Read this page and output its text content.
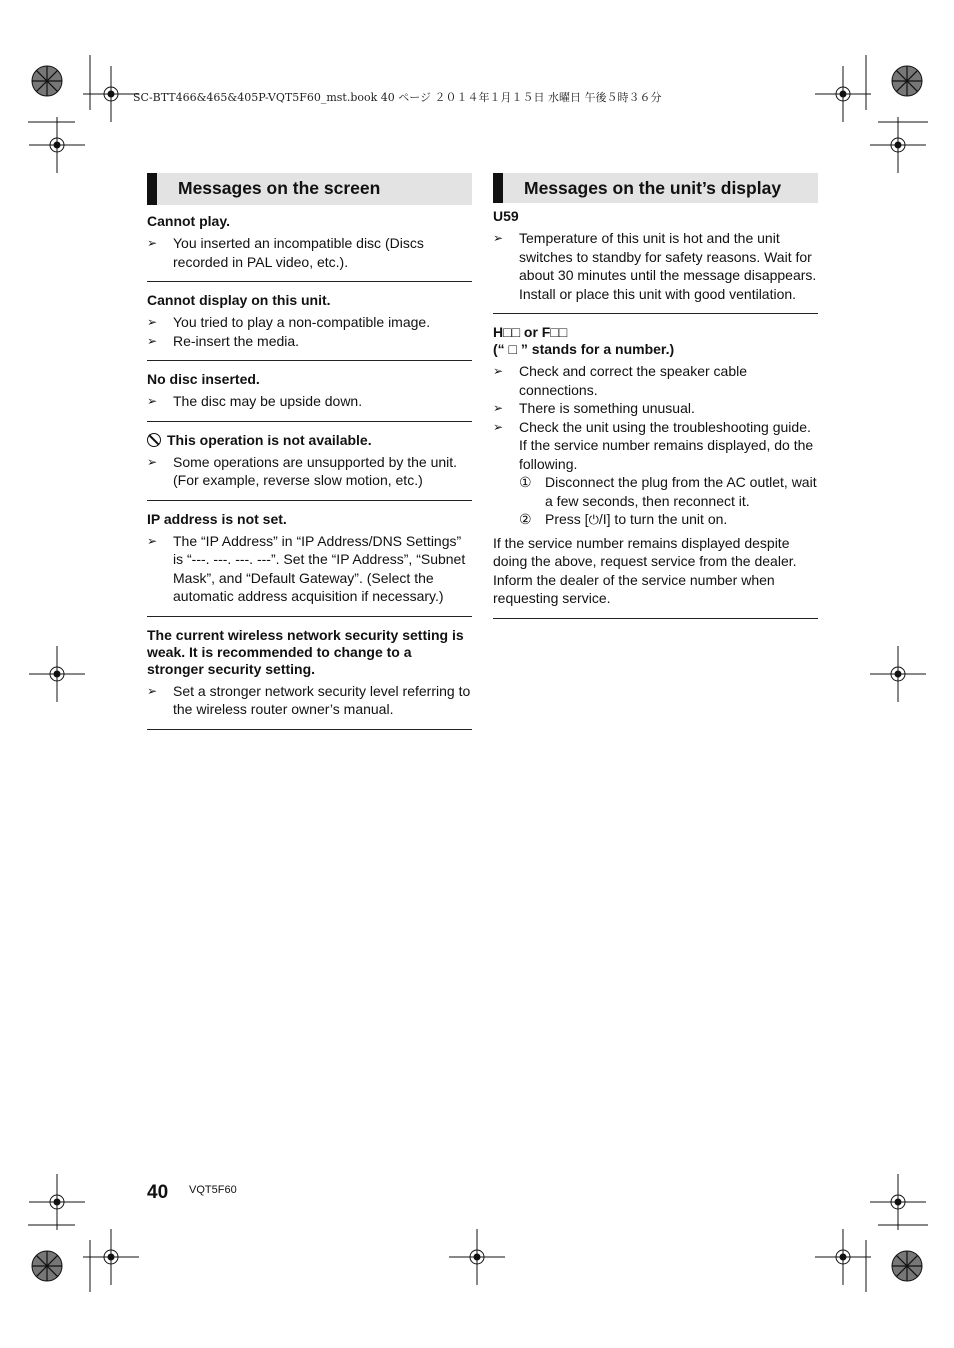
SC-BTT466&465&405P-VQT5F60_mst.book 40 ページ ２０１４年１月１５日 水曜日 午後５時３６分
Messages on the screen
Cannot play.
➢ You inserted an incompatible disc (Discs recorded in PAL video, etc.).
Cannot display on this unit.
➢ You tried to play a non-compatible image.
➢ Re-insert the media.
No disc inserted.
➢ The disc may be upside down.
This operation is not available.
➢ Some operations are unsupported by the unit. (For example, reverse slow motion, etc.)
IP address is not set.
➢ The “IP Address” in “IP Address/DNS Settings” is “---. ---. ---. ---”. Set the “IP Address”, “Subnet Mask”, and “Default Gateway”. (Select the automatic address acquisition if necessary.)
The current wireless network security setting is weak. It is recommended to change to a stronger security setting.
➢ Set a stronger network security level referring to the wireless router owner’s manual.
Messages on the unit’s display
U59
➢ Temperature of this unit is hot and the unit switches to standby for safety reasons. Wait for about 30 minutes until the message disappears.
Install or place this unit with good ventilation.
H□□ or F□□
(“ □ ” stands for a number.)
➢ Check and correct the speaker cable connections.
➢ There is something unusual.
➢ Check the unit using the troubleshooting guide. If the service number remains displayed, do the following.
① Disconnect the plug from the AC outlet, wait a few seconds, then reconnect it.
② Press [⏻/I] to turn the unit on.
If the service number remains displayed despite doing the above, request service from the dealer. Inform the dealer of the service number when requesting service.
40 VQT5F60
